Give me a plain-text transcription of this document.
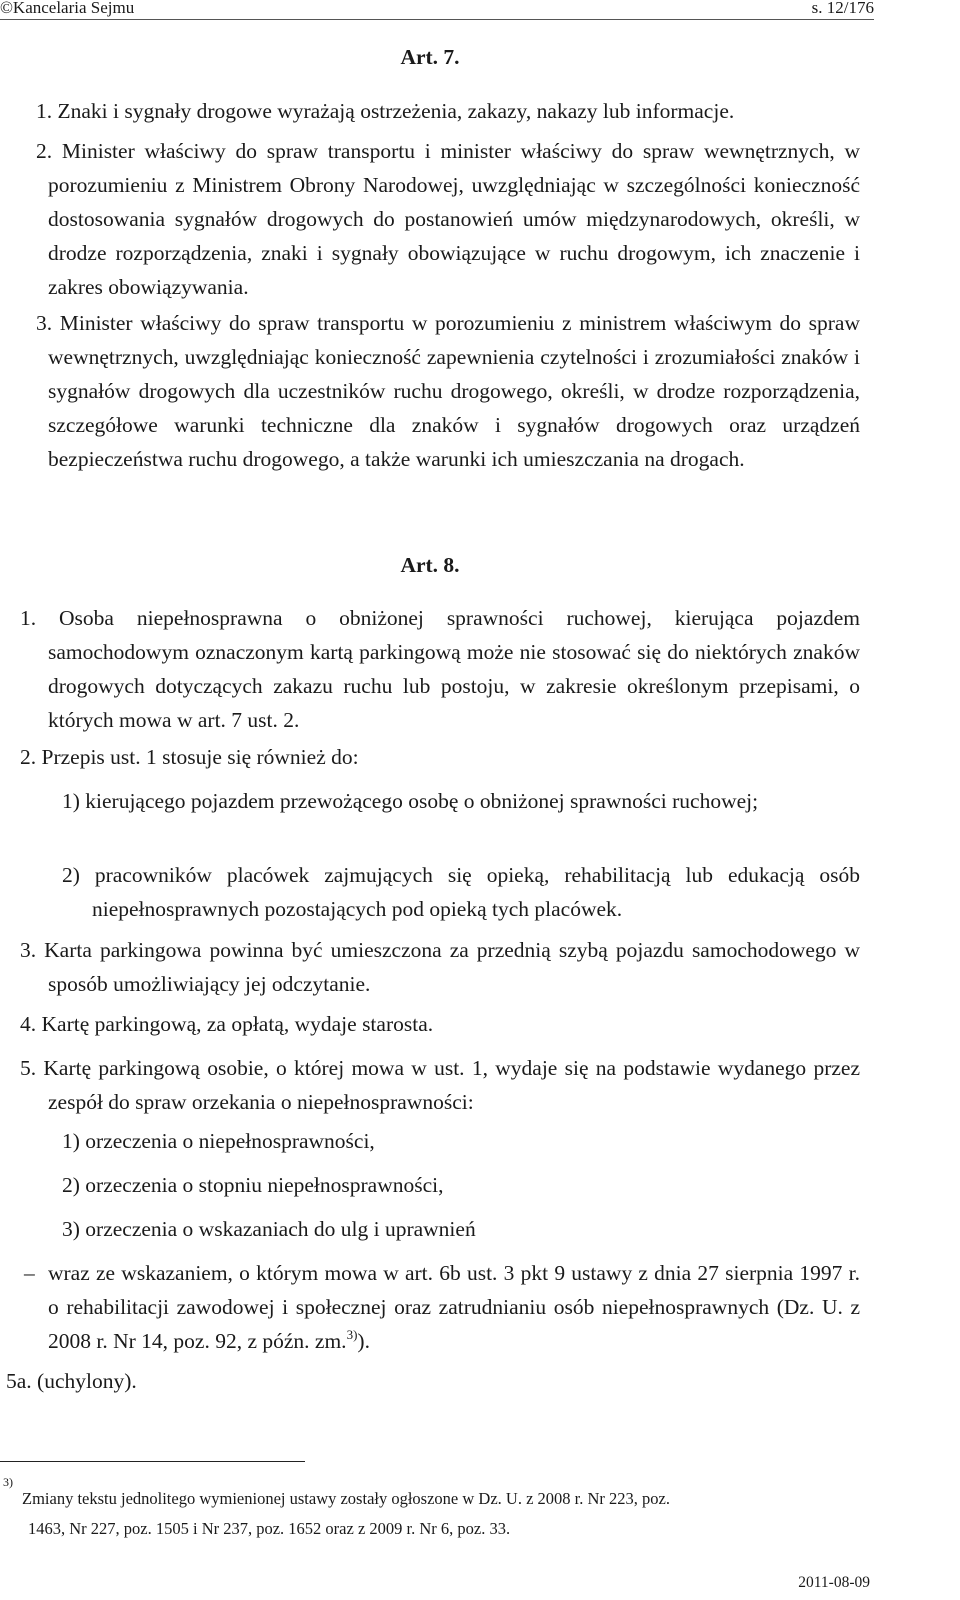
©Kancelaria Sejmu	s. 12/176
Art. 7.
1. Znaki i sygnały drogowe wyrażają ostrzeżenia, zakazy, nakazy lub informacje.
2. Minister właściwy do spraw transportu i minister właściwy do spraw wewnętrznych, w porozumieniu z Ministrem Obrony Narodowej, uwzględniając w szczególności konieczność dostosowania sygnałów drogowych do postanowień umów międzynarodowych, określi, w drodze rozporządzenia, znaki i sygnały obowiązujące w ruchu drogowym, ich znaczenie i zakres obowiązywania.
3. Minister właściwy do spraw transportu w porozumieniu z ministrem właściwym do spraw wewnętrznych, uwzględniając konieczność zapewnienia czytelności i zrozumiałości znaków i sygnałów drogowych dla uczestników ruchu drogowego, określi, w drodze rozporządzenia, szczegółowe warunki techniczne dla znaków i sygnałów drogowych oraz urządzeń bezpieczeństwa ruchu drogowego, a także warunki ich umieszczania na drogach.
Art. 8.
1. Osoba niepełnosprawna o obniżonej sprawności ruchowej, kierująca pojazdem samochodowym oznaczonym kartą parkingową może nie stosować się do niektórych znaków drogowych dotyczących zakazu ruchu lub postoju, w zakresie określonym przepisami, o których mowa w art. 7 ust. 2.
2. Przepis ust. 1 stosuje się również do:
1) kierującego pojazdem przewożącego osobę o obniżonej sprawności ruchowej;
2) pracowników placówek zajmujących się opieką, rehabilitacją lub edukacją osób niepełnosprawnych pozostających pod opieką tych placówek.
3. Karta parkingowa powinna być umieszczona za przednią szybą pojazdu samochodowego w sposób umożliwiający jej odczytanie.
4. Kartę parkingową, za opłatą, wydaje starosta.
5. Kartę parkingową osobie, o której mowa w ust. 1, wydaje się na podstawie wydanego przez zespół do spraw orzekania o niepełnosprawności:
1) orzeczenia o niepełnosprawności,
2) orzeczenia o stopniu niepełnosprawności,
3) orzeczenia o wskazaniach do ulg i uprawnień
– wraz ze wskazaniem, o którym mowa w art. 6b ust. 3 pkt 9 ustawy z dnia 27 sierpnia 1997 r. o rehabilitacji zawodowej i społecznej oraz zatrudnianiu osób niepełnosprawnych (Dz. U. z 2008 r. Nr 14, poz. 92, z późn. zm.$^{3)}$).
5a. (uchylony).
3)
Zmiany tekstu jednolitego wymienionej ustawy zostały ogłoszone w Dz. U. z 2008 r. Nr 223, poz.
1463, Nr 227, poz. 1505 i Nr 237, poz. 1652 oraz z 2009 r. Nr 6, poz. 33.
2011-08-09
